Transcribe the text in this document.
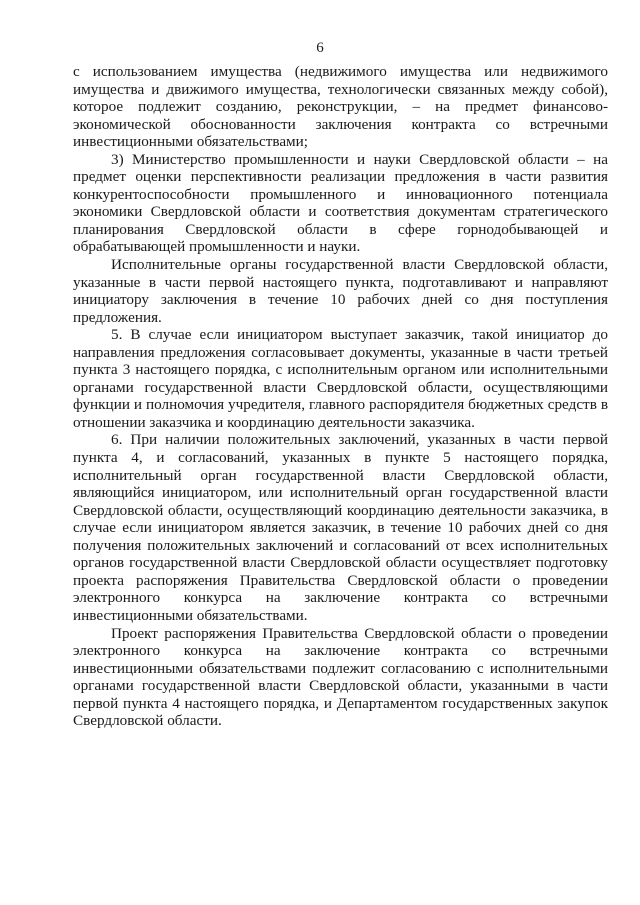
6

с использованием имущества (недвижимого имущества или недвижимого имущества и движимого имущества, технологически связанных между собой), которое подлежит созданию, реконструкции, – на предмет финансово-экономической обоснованности заключения контракта со встречными инвестиционными обязательствами;

3) Министерство промышленности и науки Свердловской области – на предмет оценки перспективности реализации предложения в части развития конкурентоспособности промышленного и инновационного потенциала экономики Свердловской области и соответствия документам стратегического планирования Свердловской области в сфере горнодобывающей и обрабатывающей промышленности и науки.

Исполнительные органы государственной власти Свердловской области, указанные в части первой настоящего пункта, подготавливают и направляют инициатору заключения в течение 10 рабочих дней со дня поступления предложения.

5. В случае если инициатором выступает заказчик, такой инициатор до направления предложения согласовывает документы, указанные в части третьей пункта 3 настоящего порядка, с исполнительным органом или исполнительными органами государственной власти Свердловской области, осуществляющими функции и полномочия учредителя, главного распорядителя бюджетных средств в отношении заказчика и координацию деятельности заказчика.

6. При наличии положительных заключений, указанных в части первой пункта 4, и согласований, указанных в пункте 5 настоящего порядка, исполнительный орган государственной власти Свердловской области, являющийся инициатором, или исполнительный орган государственной власти Свердловской области, осуществляющий координацию деятельности заказчика, в случае если инициатором является заказчик, в течение 10 рабочих дней со дня получения положительных заключений и согласований от всех исполнительных органов государственной власти Свердловской области осуществляет подготовку проекта распоряжения Правительства Свердловской области о проведении электронного конкурса на заключение контракта со встречными инвестиционными обязательствами.

Проект распоряжения Правительства Свердловской области о проведении электронного конкурса на заключение контракта со встречными инвестиционными обязательствами подлежит согласованию с исполнительными органами государственной власти Свердловской области, указанными в части первой пункта 4 настоящего порядка, и Департаментом государственных закупок Свердловской области.
